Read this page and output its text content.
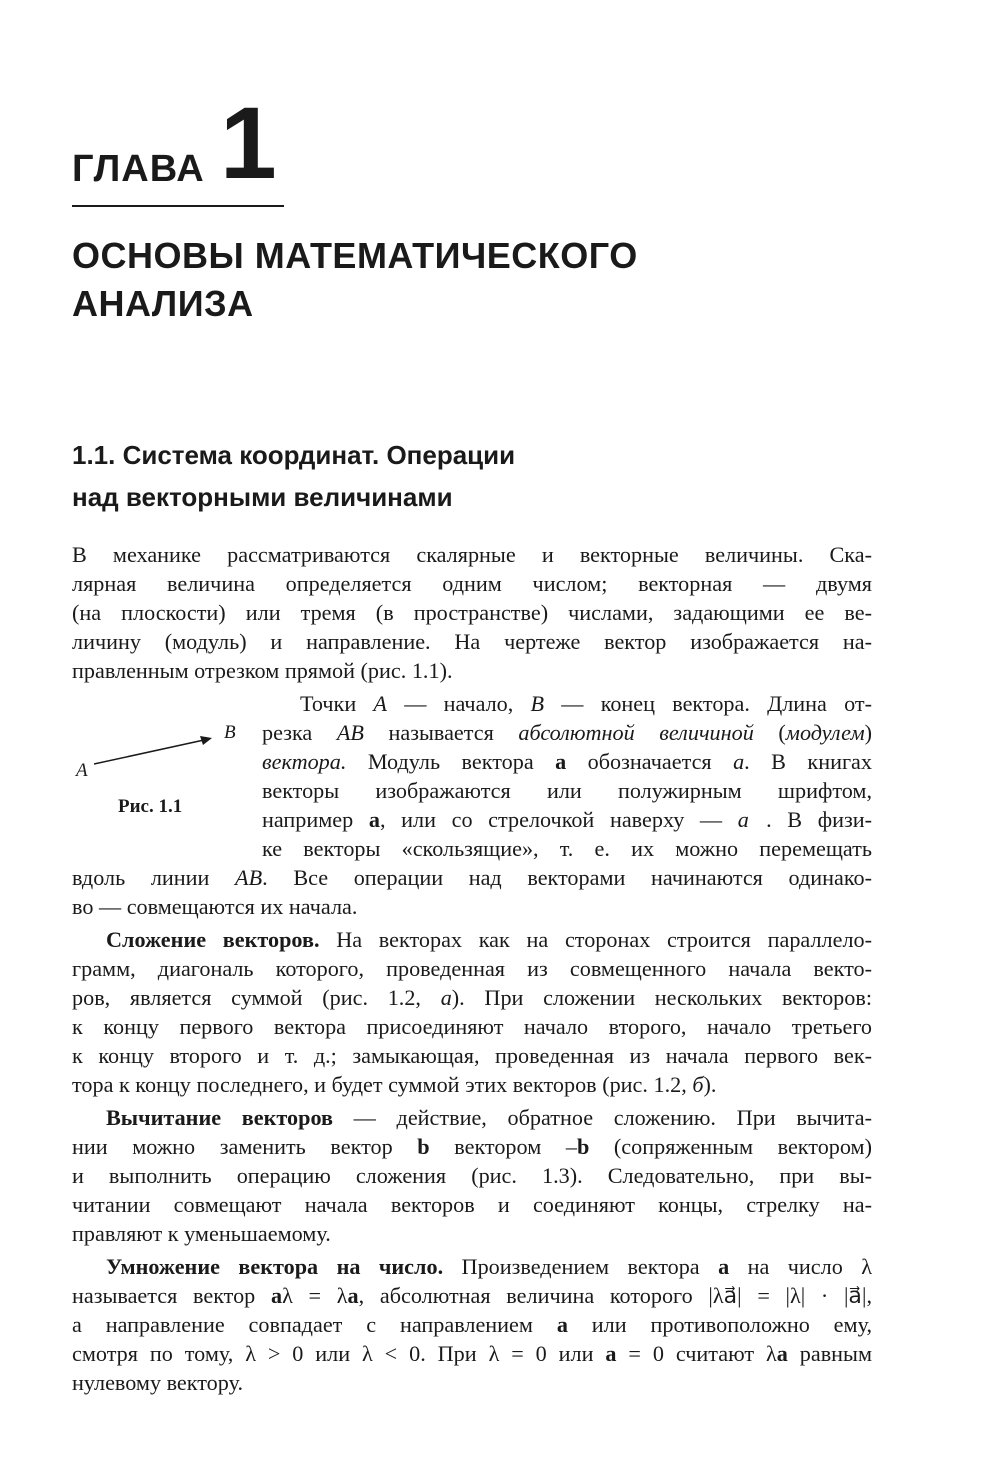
ГЛАВА 1
ОСНОВЫ МАТЕМАТИЧЕСКОГО
АНАЛИЗА
1.1. Система координат. Операции
над векторными величинами
В механике рассматриваются скалярные и векторные величины. Ска-
лярная величина определяется одним числом; векторная — двумя
(на плоскости) или тремя (в пространстве) числами, задающими ее ве-
личину (модуль) и направление. На чертеже вектор изображается на-
правленным отрезком прямой (рис. 1.1).
A
B
Рис. 1.1
Точки A — начало, B — конец вектора. Длина от-
резка AB называется абсолютной величиной (модулем)
вектора. Модуль вектора a обозначается a. В книгах
векторы изображаются или полужирным шрифтом,
например a, или со стрелочкой наверху — a⃗. В физи-
ке векторы «скользящие», т. е. их можно перемещать
вдоль линии AB. Все операции над векторами начинаются одинако-
во — совмещаются их начала.
Сложение векторов. На векторах как на сторонах строится параллело-
грамм, диагональ которого, проведенная из совмещенного начала векто-
ров, является суммой (рис. 1.2, а). При сложении нескольких векторов:
к концу первого вектора присоединяют начало второго, начало третьего
к концу второго и т. д.; замыкающая, проведенная из начала первого век-
тора к концу последнего, и будет суммой этих векторов (рис. 1.2, б).
Вычитание векторов — действие, обратное сложению. При вычита-
нии можно заменить вектор b вектором –b (сопряженным вектором)
и выполнить операцию сложения (рис. 1.3). Следовательно, при вы-
читании совмещают начала векторов и соединяют концы, стрелку на-
правляют к уменьшаемому.
Умножение вектора на число. Произведением вектора a на число λ
называется вектор aλ = λa, абсолютная величина которого |λa⃗| = |λ| · |a⃗|,
а направление совпадает с направлением a или противоположно ему,
смотря по тому, λ > 0 или λ < 0. При λ = 0 или a = 0 считают λa равным
нулевому вектору.
